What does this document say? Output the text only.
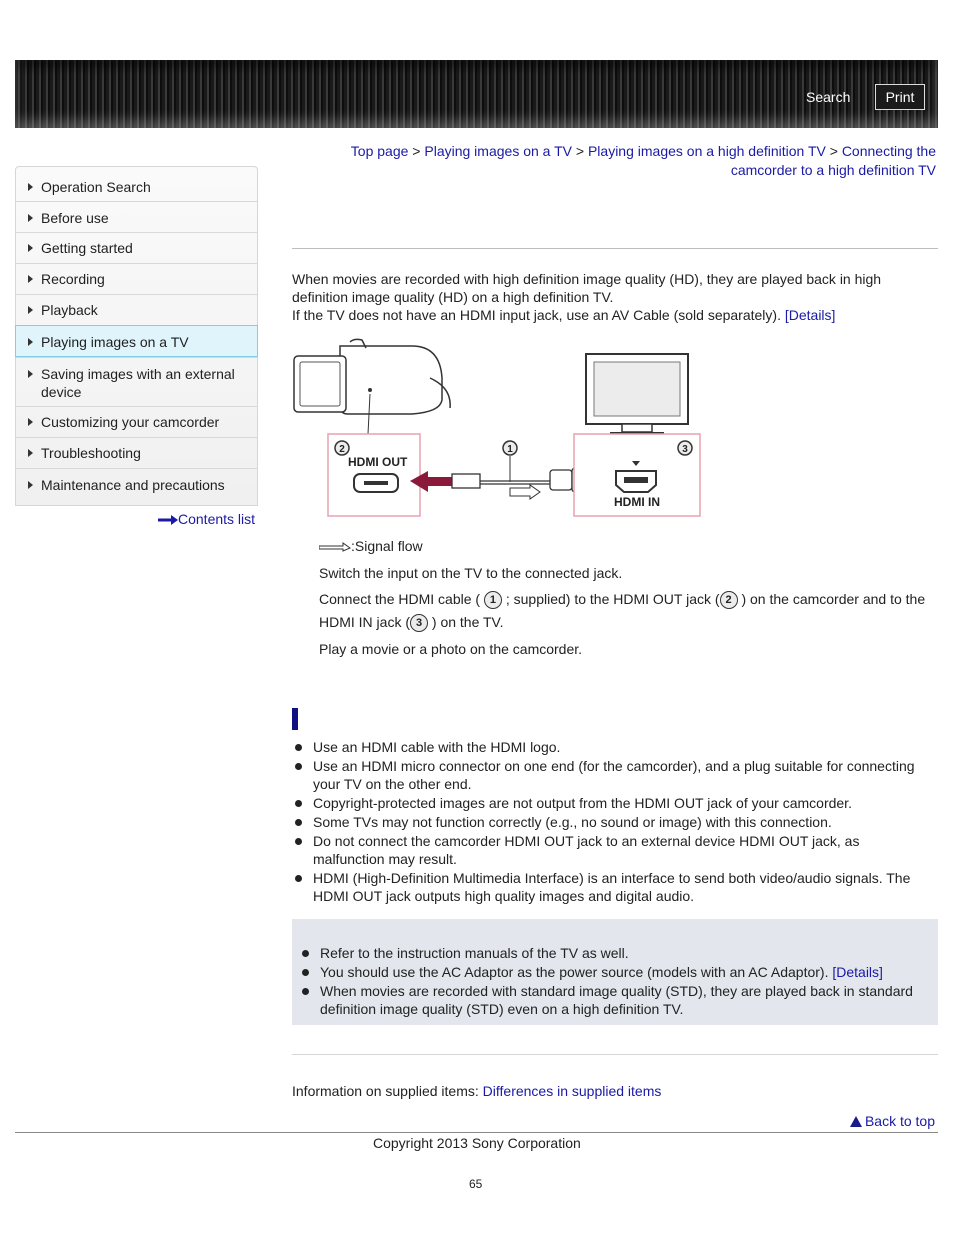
Search	Print
Top page > Playing images on a TV > Playing images on a high definition TV > Connecting the camcorder to a high definition TV
Operation Search
Before use
Getting started
Recording
Playback
Playing images on a TV
Saving images with an external device
Customizing your camcorder
Troubleshooting
Maintenance and precautions
Contents list
When movies are recorded with high definition image quality (HD), they are played back in high definition image quality (HD) on a high definition TV.
If the TV does not have an HDMI input jack, use an AV Cable (sold separately). [Details]
2
HDMI OUT
1	3
HDMI IN
:Signal flow
Switch the input on the TV to the connected jack.
Connect the HDMI cable ( 1 ; supplied) to the HDMI OUT jack ( 2 ) on the camcorder and to the HDMI IN jack ( 3 ) on the TV.
Play a movie or a photo on the camcorder.
Use an HDMI cable with the HDMI logo.
Use an HDMI micro connector on one end (for the camcorder), and a plug suitable for connecting your TV on the other end.
Copyright-protected images are not output from the HDMI OUT jack of your camcorder.
Some TVs may not function correctly (e.g., no sound or image) with this connection.
Do not connect the camcorder HDMI OUT jack to an external device HDMI OUT jack, as malfunction may result.
HDMI (High-Definition Multimedia Interface) is an interface to send both video/audio signals. The HDMI OUT jack outputs high quality images and digital audio.
Refer to the instruction manuals of the TV as well.
You should use the AC Adaptor as the power source (models with an AC Adaptor). [Details]
When movies are recorded with standard image quality (STD), they are played back in standard definition image quality (STD) even on a high definition TV.
Information on supplied items: Differences in supplied items
Back to top
Copyright 2013 Sony Corporation
65
